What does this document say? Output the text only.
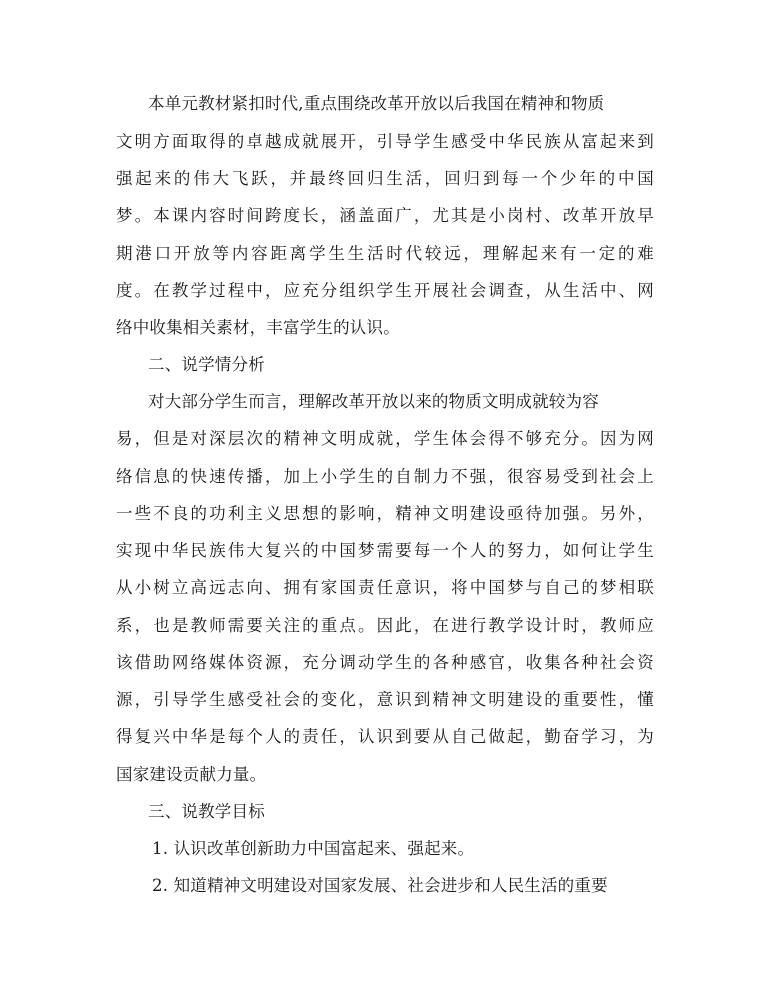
本单元教材紧扣时代,重点围绕改革开放以后我国在精神和物质
文明方面取得的卓越成就展开，引导学生感受中华民族从富起来到
强起来的伟大飞跃，并最终回归生活，回归到每一个少年的中国
梦。本课内容时间跨度长，涵盖面广，尤其是小岗村、改革开放早
期港口开放等内容距离学生生活时代较远，理解起来有一定的难
度。在教学过程中，应充分组织学生开展社会调查，从生活中、网
络中收集相关素材，丰富学生的认识。
二、说学情分析
对大部分学生而言，理解改革开放以来的物质文明成就较为容
易，但是对深层次的精神文明成就，学生体会得不够充分。因为网
络信息的快速传播，加上小学生的自制力不强，很容易受到社会上
一些不良的功利主义思想的影响，精神文明建设亟待加强。另外，
实现中华民族伟大复兴的中国梦需要每一个人的努力，如何让学生
从小树立高远志向、拥有家国责任意识，将中国梦与自己的梦相联
系，也是教师需要关注的重点。因此，在进行教学设计时，教师应
该借助网络媒体资源，充分调动学生的各种感官，收集各种社会资
源，引导学生感受社会的变化，意识到精神文明建设的重要性，懂
得复兴中华是每个人的责任，认识到要从自己做起，勤奋学习，为
国家建设贡献力量。
三、说教学目标
1. 认识改革创新助力中国富起来、强起来。
2. 知道精神文明建设对国家发展、社会进步和人民生活的重要
